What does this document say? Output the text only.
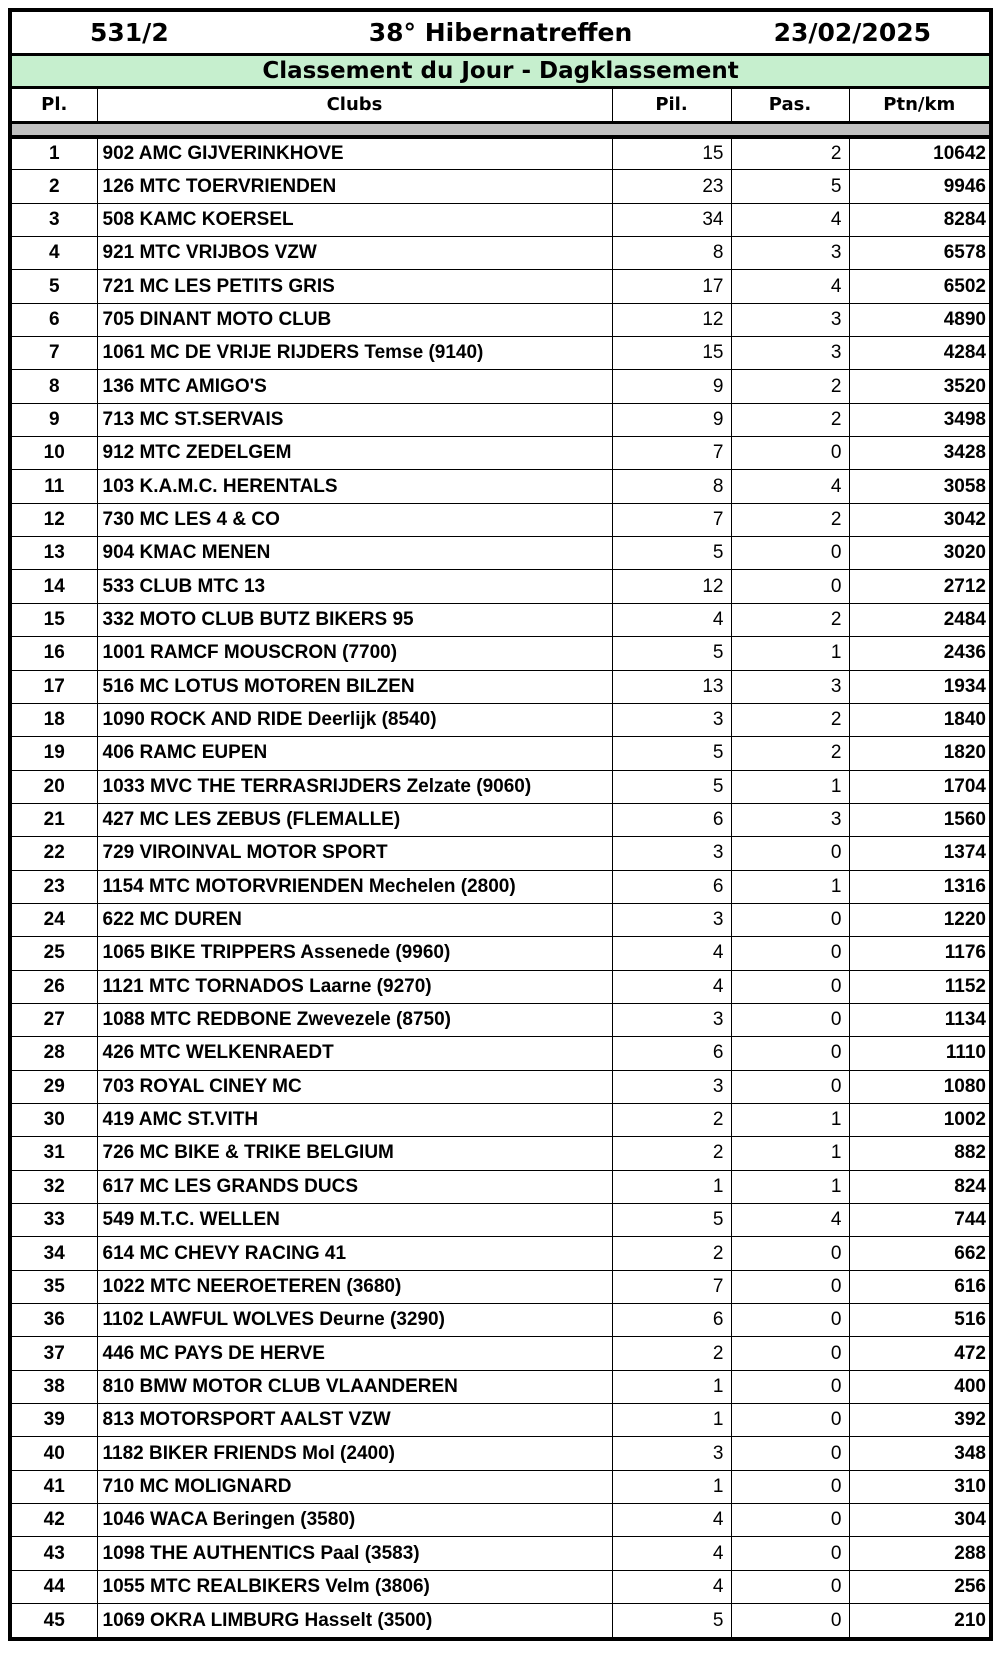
531/2	38° Hibernatreffen	23/02/2025
Classement du Jour - Dagklassement
Pl.	Clubs	Pil.	Pas.	Ptn/km

1	902 AMC GIJVERINKHOVE	15	2	10642
2	126 MTC TOERVRIENDEN	23	5	9946
3	508 KAMC KOERSEL	34	4	8284
4	921 MTC VRIJBOS VZW	8	3	6578
5	721 MC LES PETITS GRIS	17	4	6502
6	705 DINANT MOTO CLUB	12	3	4890
7	1061 MC DE VRIJE RIJDERS Temse (9140)	15	3	4284
8	136 MTC AMIGO'S	9	2	3520
9	713 MC ST.SERVAIS	9	2	3498
10	912 MTC ZEDELGEM	7	0	3428
11	103 K.A.M.C. HERENTALS	8	4	3058
12	730 MC LES 4 & CO	7	2	3042
13	904 KMAC MENEN	5	0	3020
14	533 CLUB MTC 13	12	0	2712
15	332 MOTO CLUB BUTZ BIKERS 95	4	2	2484
16	1001 RAMCF MOUSCRON (7700)	5	1	2436
17	516 MC LOTUS MOTOREN BILZEN	13	3	1934
18	1090 ROCK AND RIDE Deerlijk (8540)	3	2	1840
19	406 RAMC EUPEN	5	2	1820
20	1033 MVC THE TERRASRIJDERS Zelzate (9060)	5	1	1704
21	427 MC LES ZEBUS (FLEMALLE)	6	3	1560
22	729 VIROINVAL MOTOR SPORT	3	0	1374
23	1154 MTC MOTORVRIENDEN Mechelen (2800)	6	1	1316
24	622 MC DUREN	3	0	1220
25	1065 BIKE TRIPPERS Assenede (9960)	4	0	1176
26	1121 MTC TORNADOS Laarne (9270)	4	0	1152
27	1088 MTC REDBONE Zwevezele (8750)	3	0	1134
28	426 MTC WELKENRAEDT	6	0	1110
29	703 ROYAL CINEY MC	3	0	1080
30	419 AMC ST.VITH	2	1	1002
31	726 MC BIKE & TRIKE BELGIUM	2	1	882
32	617 MC LES GRANDS DUCS	1	1	824
33	549 M.T.C. WELLEN	5	4	744
34	614 MC CHEVY RACING 41	2	0	662
35	1022 MTC NEEROETEREN (3680)	7	0	616
36	1102 LAWFUL WOLVES Deurne (3290)	6	0	516
37	446 MC PAYS DE HERVE	2	0	472
38	810 BMW MOTOR CLUB VLAANDEREN	1	0	400
39	813 MOTORSPORT AALST VZW	1	0	392
40	1182 BIKER FRIENDS Mol (2400)	3	0	348
41	710 MC MOLIGNARD	1	0	310
42	1046 WACA Beringen (3580)	4	0	304
43	1098 THE AUTHENTICS Paal (3583)	4	0	288
44	1055 MTC REALBIKERS Velm (3806)	4	0	256
45	1069 OKRA LIMBURG Hasselt (3500)	5	0	210
